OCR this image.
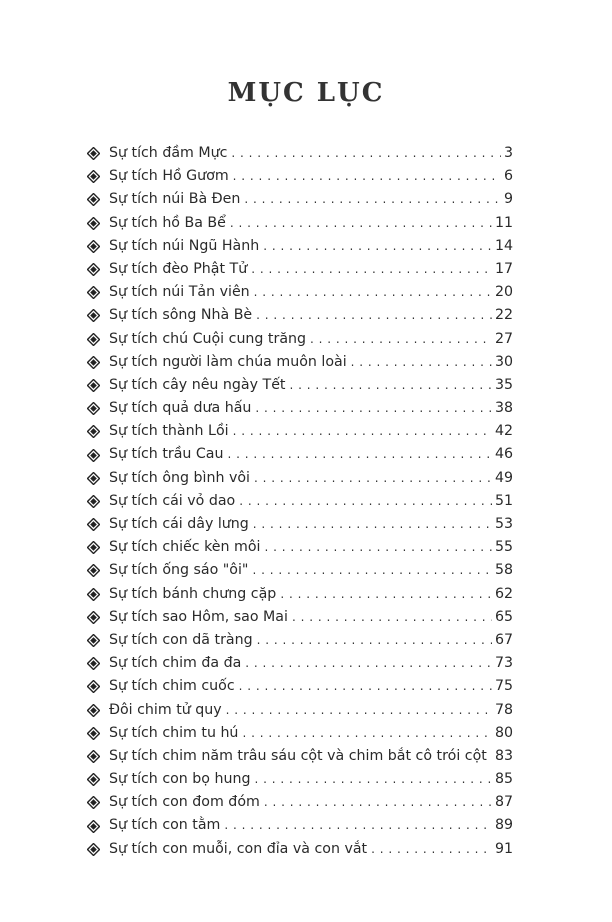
MỤC LỤC
Sự tích đầm Mực . . .	3
Sự tích Hồ Gươm . . .	6
Sự tích núi Bà Đen . . .	9
Sự tích hồ Ba Bể . . .	11
Sự tích núi Ngũ Hành . . .	14
Sự tích đèo Phật Tử . . .	17
Sự tích núi Tản viên . . .	20
Sự tích sông Nhà Bè . . .	22
Sự tích chú Cuội cung trăng . . .	27
Sự tích người làm chúa muôn loài . . .	30
Sự tích cây nêu ngày Tết . . .	35
Sự tích quả dưa hấu . . .	38
Sự tích thành Lồi . . .	42
Sự tích trầu Cau . . .	46
Sự tích ông bình vôi . . .	49
Sự tích cái vỏ dao . . .	51
Sự tích cái dây lưng . . .	53
Sự tích chiếc kèn môi . . .	55
Sự tích ống sáo "ôi" . . .	58
Sự tích bánh chưng cặp . . .	62
Sự tích sao Hôm, sao Mai . . .	65
Sự tích con dã tràng . . .	67
Sự tích chim đa đa . . .	73
Sự tích chim cuốc . . .	75
Đôi chim tử quy . . .	78
Sự tích chim tu hú . . .	80
Sự tích chim năm trâu sáu cột và chim bắt cô trói cột . . . 83
Sự tích con bọ hung . . .	85
Sự tích con đom đóm . . .	87
Sự tích con tằm . . .	89
Sự tích con muỗi, con đỉa và con vắt . . .	91
